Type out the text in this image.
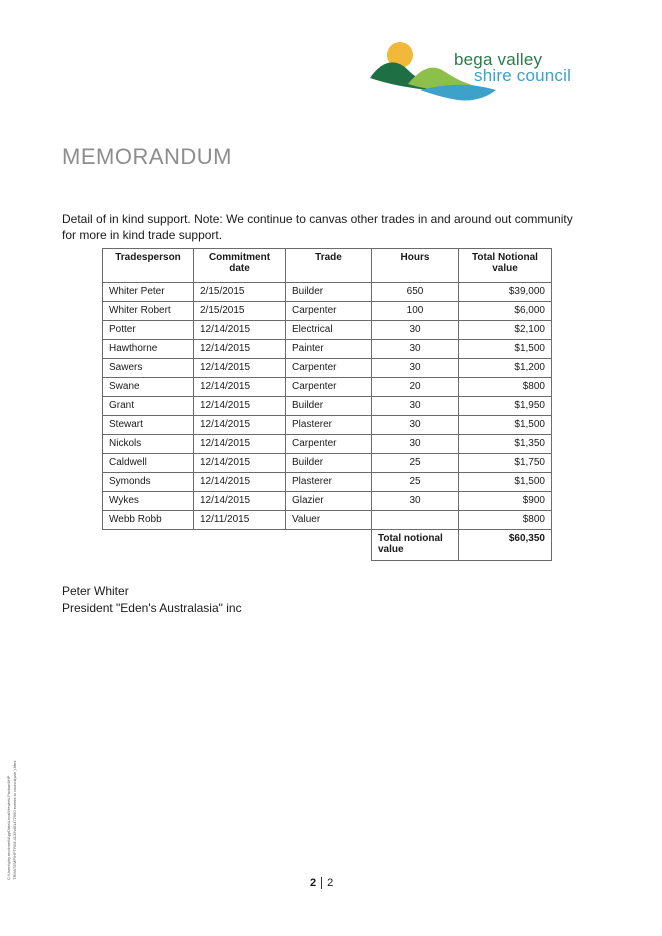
bega valley
shire council
MEMORANDUM
Detail of in kind support. Note: We continue to canvas other trades in and around out community for more in kind trade support.
Tradesperson	Commitment date	Trade	Hours	Total Notional value
Whiter Peter	2/15/2015	Builder	650	$39,000
Whiter Robert	2/15/2015	Carpenter	100	$6,000
Potter	12/14/2015	Electrical	30	$2,100
Hawthorne	12/14/2015	Painter	30	$1,500
Sawers	12/14/2015	Carpenter	30	$1,200
Swane	12/14/2015	Carpenter	20	$800
Grant	12/14/2015	Builder	30	$1,950
Stewart	12/14/2015	Plasterer	30	$1,500
Nickols	12/14/2015	Carpenter	30	$1,350
Caldwell	12/14/2015	Builder	25	$1,750
Symonds	12/14/2015	Plasterer	25	$1,500
Wykes	12/14/2015	Glazier	30	$900
Webb Robb	12/11/2015	Valuer		$800
			Total notional value	$60,350
Peter Whiter
President "Eden's Australasia" inc
C:\Users\phy.mcdonell\AppData\Local\Hewlett-Packard\HP TRIM\TEMP\HPTRIM.4135\d01472990 events to council(use ).html
2 2
